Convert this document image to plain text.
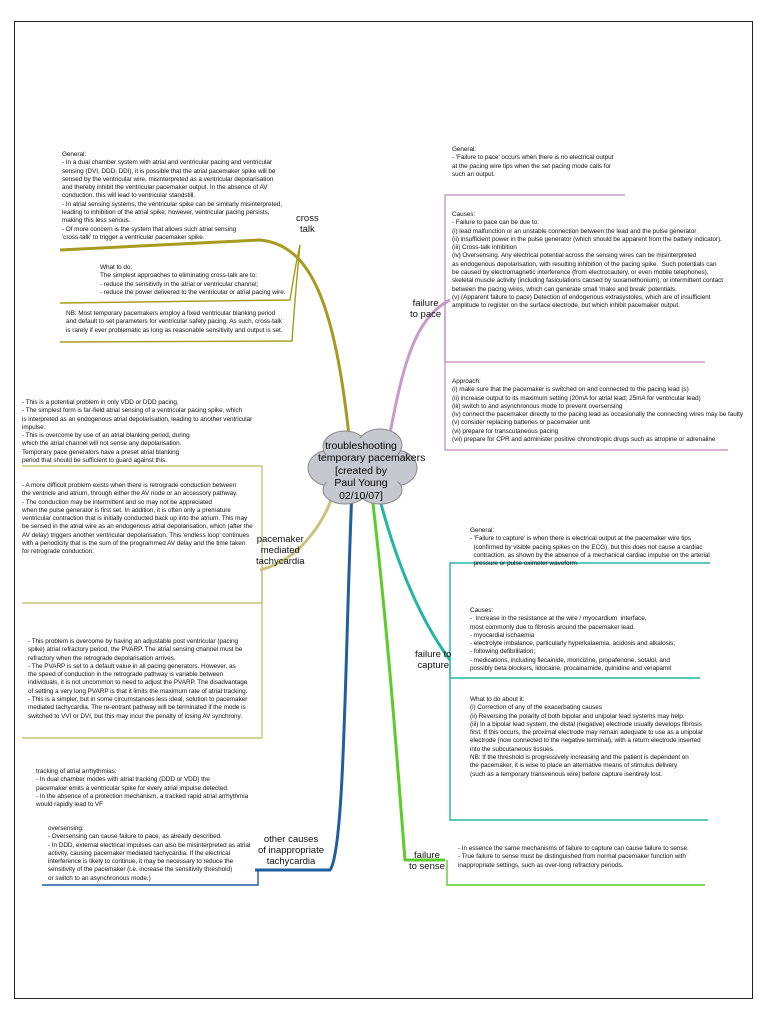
troubleshooting
temporary pacemakers
[created by
Paul Young
02/10/07]
cross
talk
pacemaker
mediated
tachycardia
other causes
of inappropriate
tachycardia
failure
to pace
failure to
capture
failure
to sense
General:
- In a dual chamber system with atrial and ventricular pacing and ventricular
sensing (DVI, DDD, DDI), it is possible that the atrial pacemaker spike will be
sensed by the ventricular wire, misinterpreted as a ventricular depolarisation
and thereby inhibit the ventricular pacemaker output. In the absence of AV
conduction, this will lead to ventricular standstill.
- In atrial sensing systems, the ventricular spike can be similarly misinterpreted,
leading to inhibition of the atrial spike; however, ventricular pacing persists,
making this less serious.
- Of more concern is the system that allows such atrial sensing
'cross-talk' to trigger a ventricular pacemaker spike.
What to do:
The simplest approaches to eliminating cross-talk are to:
- reduce the sensitivity in the atrial or ventricular channel;
- reduce the power delivered to the ventricular or atrial pacing wire.
NB: Most temporary pacemakers employ a fixed ventricular blanking period
and default to set parameters for ventricular safety pacing. As such, cross-talk
is rarely if ever problematic as long as reasonable sensitivity and output is set.
- This is a potential problem in only VDD or DDD pacing.
- The simplest form is far-field atrial sensing of a ventricular pacing spike, which
is interpreted as an endogenous atrial depolarisation, leading to another ventricular
impulse.
- This is overcome by use of an atrial blanking period, during
which the atrial channel will not sense any depolarisation.
Temporary pace generators have a preset atrial blanking
period that should be sufficient to guard against this.
- A more difficult problem exists when there is retrograde conduction between
the ventricle and atrium, through either the AV node or an accessory pathway.
- The conduction may be intermittent and so may not be appreciated
when the pulse generator is first set. In addition, it is often only a premature
ventricular contraction that is initially conducted back up into the atrium. This may
be sensed in the atrial wire as an endogenous atrial depolarisation, which (after the
AV delay) triggers another ventricular depolarisation. This 'endless loop' continues
with a periodicity that is the sum of the programmed AV delay and the time taken
for retrograde conduction.
- This problem is overcome by having an adjustable post ventricular (pacing
spike) atrial refractory period, the PVARP. The atrial sensing channel must be
refractory when the retrograde depolarisation arrives.
- The PVARP is set to a default value in all pacing generators. However, as
the speed of conduction in the retrograde pathway is variable between
individuals, it is not uncommon to need to adjust the PVARP. The disadvantage
of setting a very long PVARP is that it limits the maximum rate of atrial tracking.
- This is a simpler, but in some circumstances less ideal, solution to pacemaker
mediated tachycardia. The re-entrant pathway will be terminated if the mode is
switched to VVI or DVI, but this may incur the penalty of losing AV synchrony.
tracking of atrial arrhythmias:
- In dual chamber modes with atrial tracking (DDD or VDD) the
pacemaker emits a ventricular spike for every atrial impulse detected.
- In the absence of a protection mechanism, a tracked rapid atrial arrhythmia
would rapidly lead to VF
oversensing:
- Oversensing can cause failure to pace, as already described.
- In DDD, external electrical impulses can also be misinterpreted as atrial
activity, causing pacemaker mediated tachycardia. If the electrical
interference is likely to continue, it may be necessary to reduce the
sensitivity of the pacemaker (i.e. increase the sensitivity threshold)
or switch to an asynchronous mode.)
General:
- 'Failure to pace' occurs when there is no electrical output
at the pacing wire tips when the set pacing mode calls for
such an output.
Causes:
- Failure to pace can be due to:
(i) lead malfunction or an unstable connection between the lead and the pulse generator
(ii) insufficient power in the pulse generator (which should be apparent from the battery indicator).
(iii) Cross-talk inhibition
(iv) Oversensing. Any electrical potential across the sensing wires can be misinterpreted
as endogenous depolarisation, with resulting inhibition of the pacing spike.  Such potentials can
be caused by electromagnetic interference (from electrocautery, or even mobile telephones),
skeletal muscle activity (including fasiculations caused by suxamethonium), or intermittent contact
between the pacing wires, which can generate small 'make and break' potentials.
(v) (Apparent failure to pace) Detection of endogenous extrasystoles, which are of insufficient
amplitude to register on the surface electrode, but which inhibit pacemaker output.
Approach:
(i) make sure that the pacemaker is switched on and connected to the pacing lead (s)
(ii) increase output to its maximum setting (20mA for atrial lead; 25mA for ventricular lead)
(iii) switch to and asynchronous mode to prevent oversensing
(iv) connect the pacemaker directly to the pacing lead as occasionally the connecting wires may be faulty
(v) consider replacing batteries or pacemaker unit
(vi) prepare for transcutaneous pacing
(vii) prepare for CPR and administer positive chronotropic drugs such as atropine or adrenaline
General:
- 'Failure to capture' is when there is electrical output at the pacemaker wire tips
(confirmed by visible pacing spikes on the ECG), but this does not cause a cardiac
contraction, as shown by the absence of a mechanical cardiac impulse on the arterial
pressure or pulse oximeter waveform.
Causes:
-  Increase in the resistance at the wire / myocardium  interface,
most commonly due to fibrosis around the pacemaker lead.
- myocardial ischaemia
- electrolyte imbalance, particularly hyperkalaemia, acidosis and alkalosis;
- following defibrillation;
- medications, including flecainide, moricizine, propafenone, sotalol, and
possibly beta blockers, lidocaine, procainamide, quinidine and verapamil
What to do about it:
(i) Correction of any of the exacerbating causes
(ii) Reversing the polarity of both bipolar and unipolar lead systems may help.
(iii) In a bipolar lead system, the distal (negative) electrode usually develops fibrosis
first. If this occurs, the proximal electrode may remain adequate to use as a unipolar
electrode (now connected to the negative terminal), with a return electrode inserted
into the subcutaneous tissues.
NB: If the threshold is progressively increasing and the patient is dependent on
the pacemaker, it is wise to place an alternative means of stimulus delivery
(such as a temporary transvenous wire) before capture isentirely lost.
- In essence the same mechanisms of failure to capture can cause failure to sense.
- True failure to sense must be distinguished from normal pacemaker function with
inappropriate settings, such as over-long refractory periods.
